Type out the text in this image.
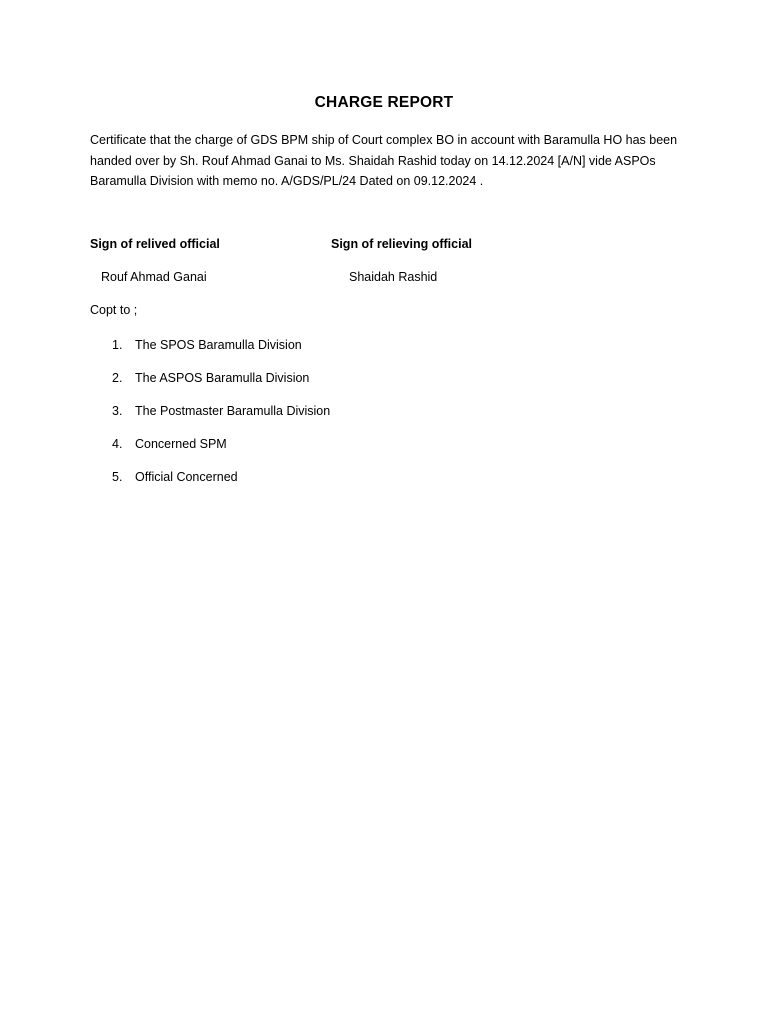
CHARGE REPORT
Certificate that the charge of GDS BPM ship of Court complex BO in account with Baramulla HO has been
handed over by Sh. Rouf Ahmad Ganai to Ms. Shaidah Rashid today on 14.12.2024 [A/N] vide ASPOs
Baramulla Division with memo no. A/GDS/PL/24 Dated on 09.12.2024 .
Sign of relived official	Sign of relieving official
Rouf Ahmad Ganai	Shaidah Rashid
Copt to ;
1. The SPOS Baramulla Division
2. The ASPOS Baramulla Division
3. The Postmaster Baramulla Division
4. Concerned SPM
5. Official Concerned
